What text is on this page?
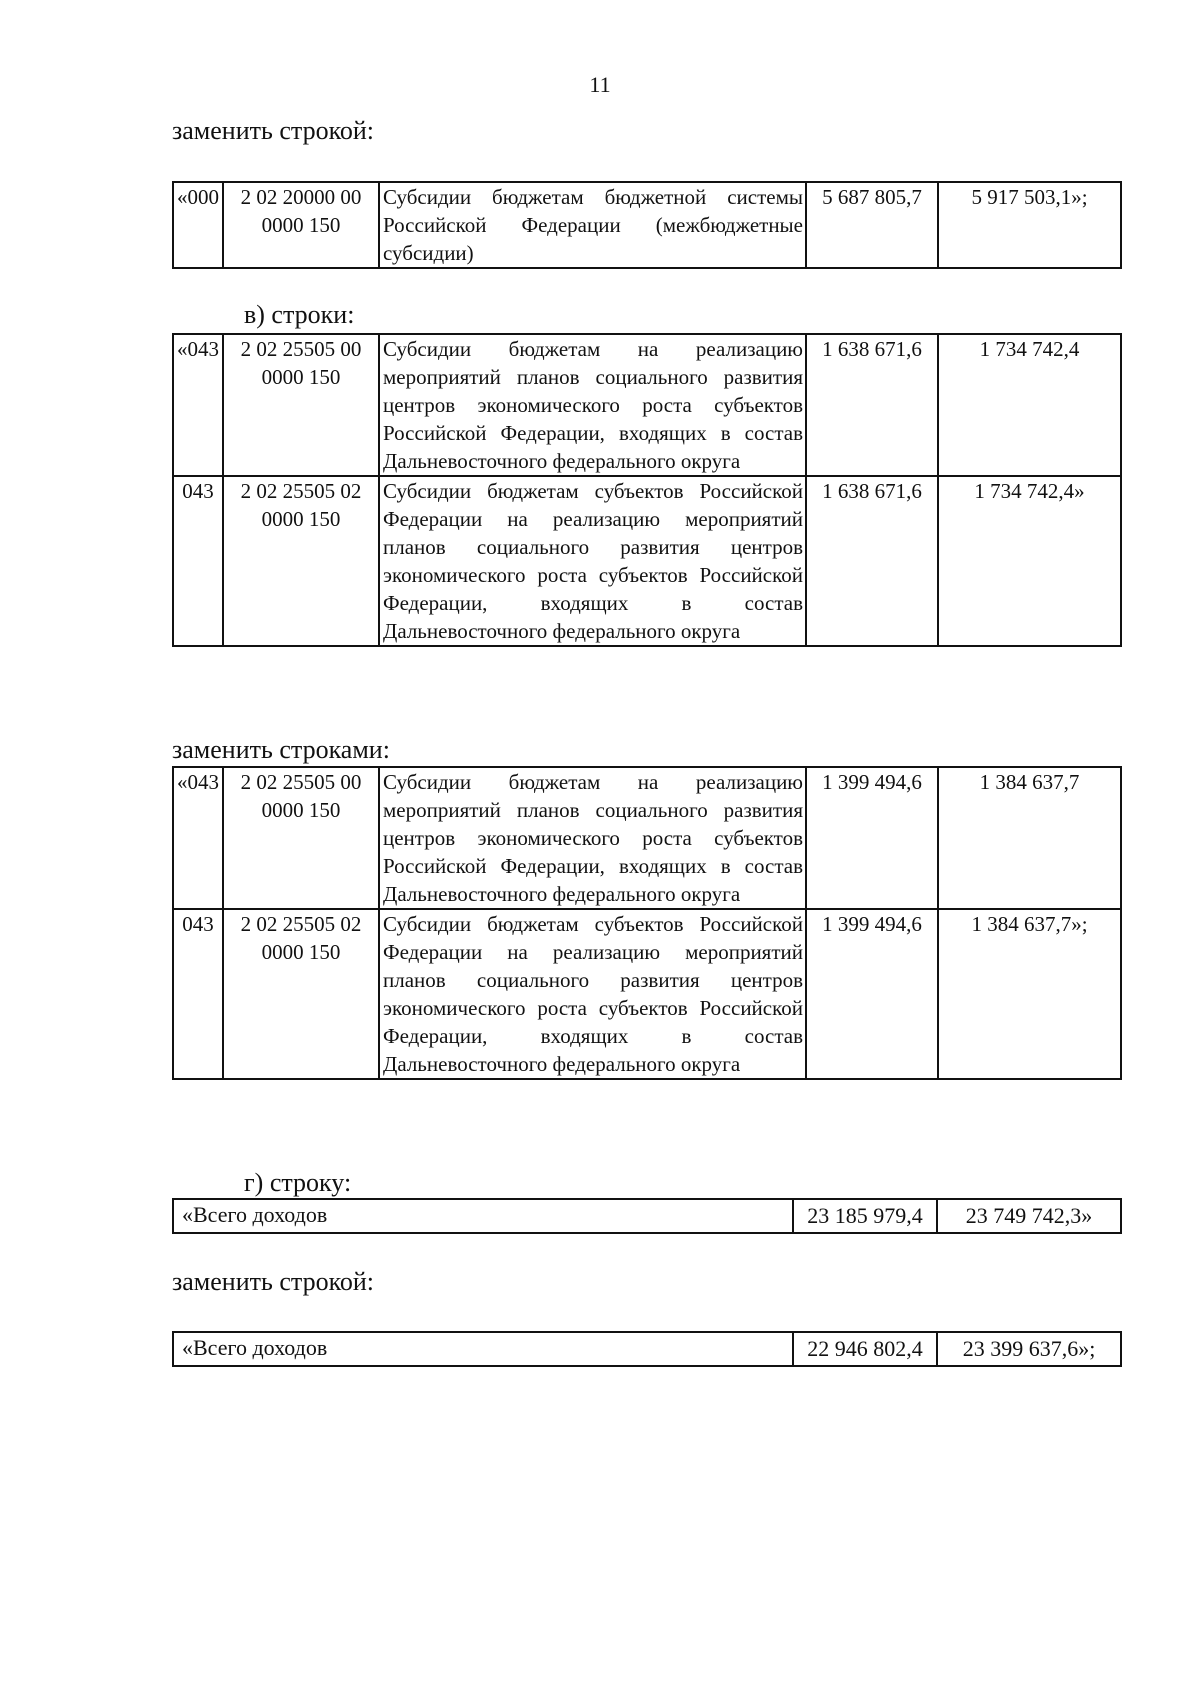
11
заменить строкой:
«000	2 02 20000 00 0000 150	Субсидии бюджетам бюджетной системы Российской Федерации (межбюджетные субсидии)	5 687 805,7	5 917 503,1»;
в) строки:
«043	2 02 25505 00 0000 150	Субсидии бюджетам на реализацию мероприятий планов социального развития центров экономического роста субъектов Российской Федерации, входящих в состав Дальневосточного федерального округа	1 638 671,6	1 734 742,4
043	2 02 25505 02 0000 150	Субсидии бюджетам субъектов Российской Федерации на реализацию мероприятий планов социального развития центров экономического роста субъектов Российской Федерации, входящих в состав Дальневосточного федерального округа	1 638 671,6	1 734 742,4»
заменить строками:
«043	2 02 25505 00 0000 150	Субсидии бюджетам на реализацию мероприятий планов социального развития центров экономического роста субъектов Российской Федерации, входящих в состав Дальневосточного федерального округа	1 399 494,6	1 384 637,7
043	2 02 25505 02 0000 150	Субсидии бюджетам субъектов Российской Федерации на реализацию мероприятий планов социального развития центров экономического роста субъектов Российской Федерации, входящих в состав Дальневосточного федерального округа	1 399 494,6	1 384 637,7»;
г) строку:
«Всего доходов	23 185 979,4	23 749 742,3»
заменить строкой:
«Всего доходов	22 946 802,4	23 399 637,6»;
